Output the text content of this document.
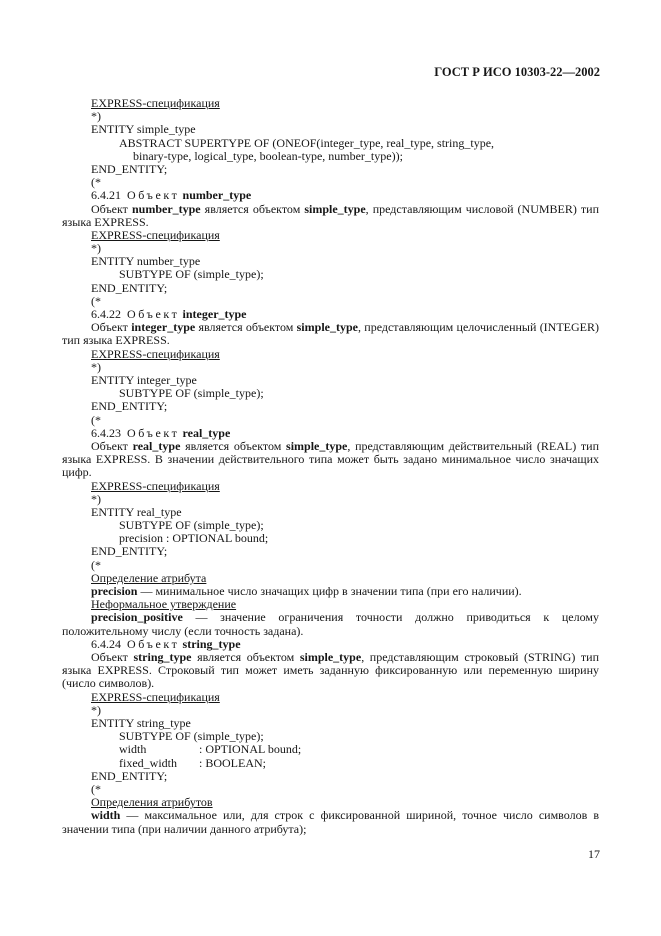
ГОСТ Р ИСО 10303-22—2002
EXPRESS-спецификация
*)
ENTITY simple_type
ABSTRACT SUPERTYPE OF (ONEOF(integer_type, real_type, string_type,
binary-type, logical_type, boolean-type, number_type));
END_ENTITY;
(*
6.4.21 Объект number_type
Объект number_type является объектом simple_type, представляющим числовой (NUMBER) тип языка EXPRESS.
EXPRESS-спецификация
*)
ENTITY number_type
SUBTYPE OF (simple_type);
END_ENTITY;
(*
6.4.22 Объект integer_type
Объект integer_type является объектом simple_type, представляющим целочисленный (INTEGER) тип языка EXPRESS.
EXPRESS-спецификация
*)
ENTITY integer_type
SUBTYPE OF (simple_type);
END_ENTITY;
(*
6.4.23 Объект real_type
Объект real_type является объектом simple_type, представляющим действительный (REAL) тип языка EXPRESS. В значении действительного типа может быть задано минимальное число значащих цифр.
EXPRESS-спецификация
*)
ENTITY real_type
SUBTYPE OF (simple_type);
precision : OPTIONAL bound;
END_ENTITY;
(*
Определение атрибута
precision — минимальное число значащих цифр в значении типа (при его наличии).
Неформальное утверждение
precision_positive — значение ограничения точности должно приводиться к целому положительному числу (если точность задана).
6.4.24 Объект string_type
Объект string_type является объектом simple_type, представляющим строковый (STRING) тип языка EXPRESS. Строковый тип может иметь заданную фиксированную или переменную ширину (число символов).
EXPRESS-спецификация
*)
ENTITY string_type
SUBTYPE OF (simple_type);
width	: OPTIONAL bound;
fixed_width : BOOLEAN;
END_ENTITY;
(*
Определения атрибутов
width — максимальное или, для строк с фиксированной шириной, точное число символов в значении типа (при наличии данного атрибута);
17
